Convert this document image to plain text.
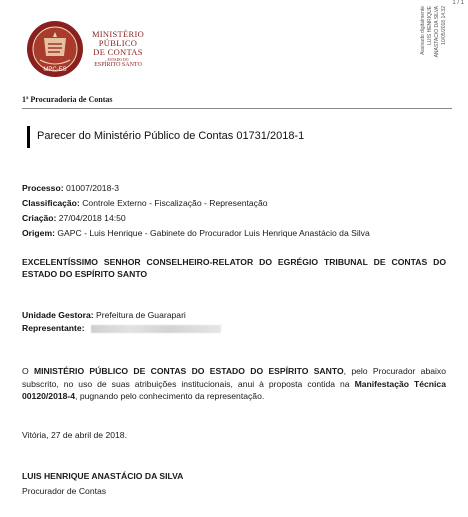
MPC-ES
MINISTÉRIO
PÚBLICO
DE CONTAS
ESTADO DO
ESPÍRITO SANTO
1 / 1
Assinado digitalmente LUIS HENRIQUE ANASTACIO DA SILVA 10/05/2018 14:32
1ª Procuradoria de Contas
Parecer do Ministério Público de Contas 01731/2018-1
Processo: 01007/2018-3
Classificação: Controle Externo - Fiscalização - Representação
Criação: 27/04/2018 14:50
Origem: GAPC - Luis Henrique - Gabinete do Procurador Luis Henrique Anastácio da Silva
EXCELENTÍSSIMO SENHOR CONSELHEIRO-RELATOR DO EGRÉGIO TRIBUNAL DE CONTAS DO ESTADO DO ESPÍRITO SANTO
Unidade Gestora: Prefeitura de Guarapari
Representante:
O MINISTÉRIO PÚBLICO DE CONTAS DO ESTADO DO ESPÍRITO SANTO, pelo Procurador abaixo subscrito, no uso de suas atribuições institucionais, anui à proposta contida na Manifestação Técnica 00120/2018-4, pugnando pelo conhecimento da representação.
Vitória, 27 de abril de 2018.
LUIS HENRIQUE ANASTÁCIO DA SILVA
Procurador de Contas
